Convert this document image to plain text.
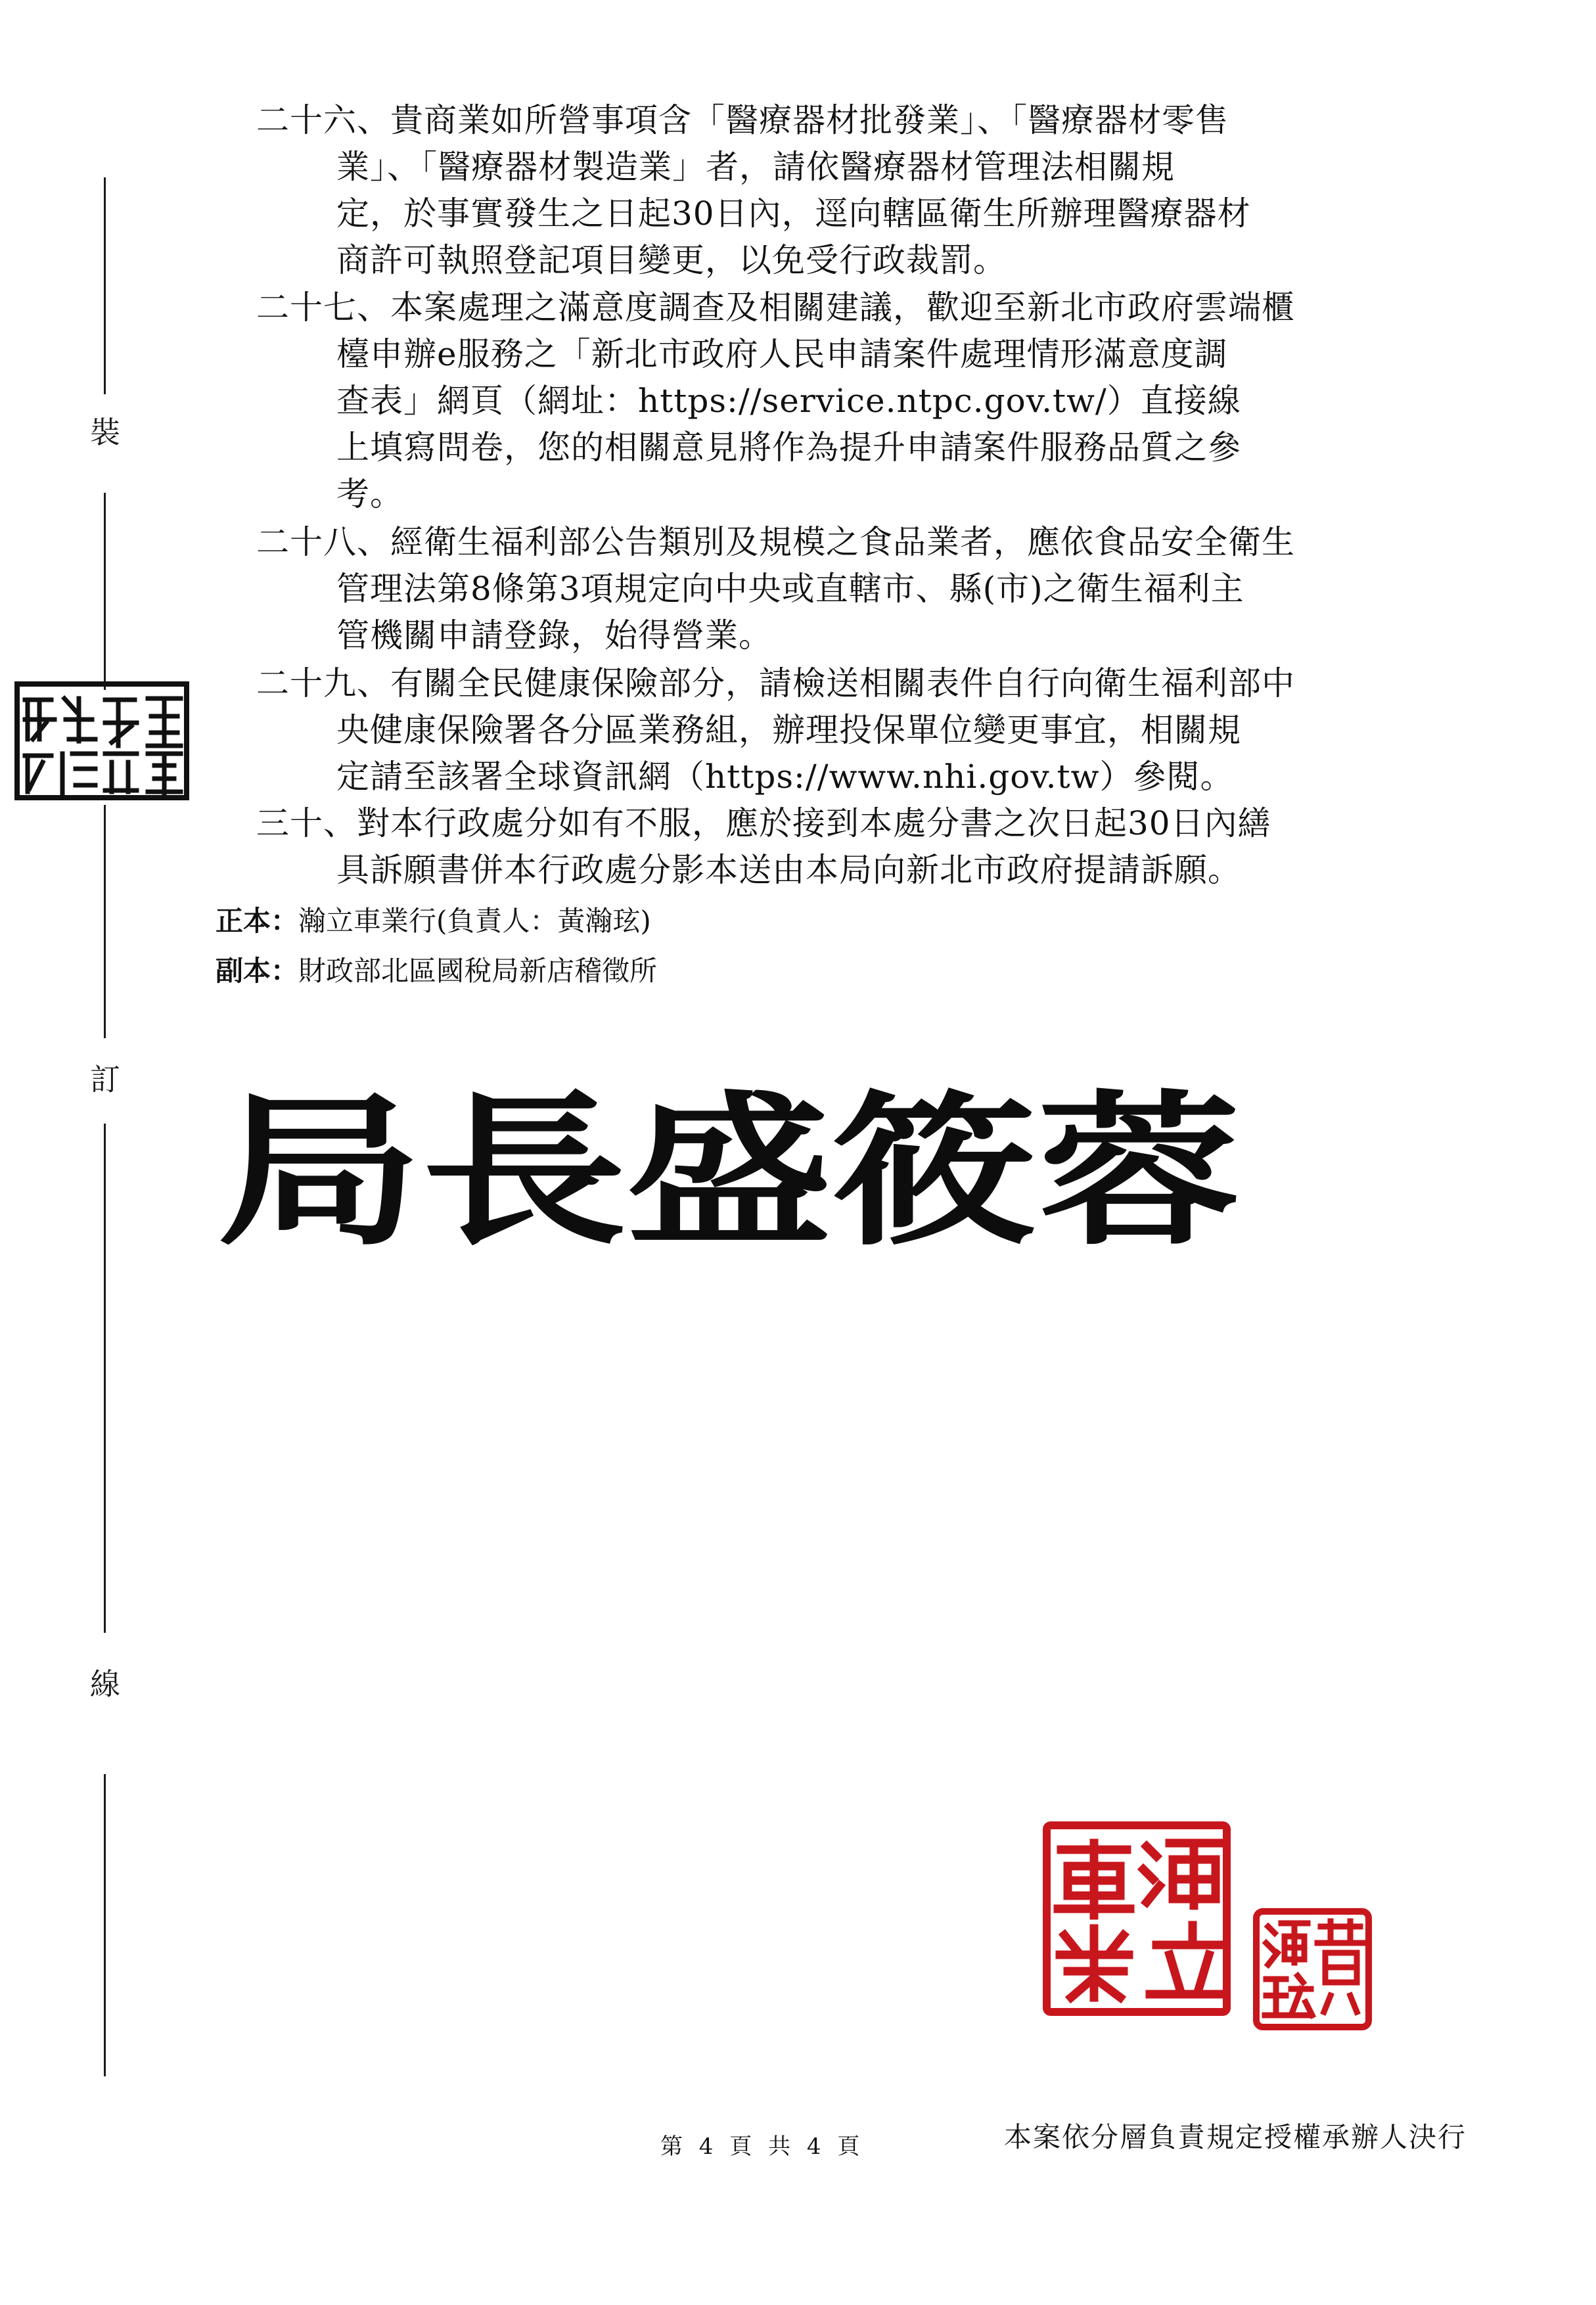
裝
訂
線
二十六、貴商業如所營事項含「醫療器材批發業」、「醫療器材零售
業」、「醫療器材製造業」者，請依醫療器材管理法相關規
定，於事實發生之日起30日內，逕向轄區衛生所辦理醫療器材
商許可執照登記項目變更，以免受行政裁罰。
二十七、本案處理之滿意度調查及相關建議，歡迎至新北市政府雲端櫃
檯申辦e服務之「新北市政府人民申請案件處理情形滿意度調
查表」網頁（網址：https://service.ntpc.gov.tw/）直接線
上填寫問卷，您的相關意見將作為提升申請案件服務品質之參
考。
二十八、經衛生福利部公告類別及規模之食品業者，應依食品安全衛生
管理法第8條第3項規定向中央或直轄市、縣(市)之衛生福利主
管機關申請登錄，始得營業。
二十九、有關全民健康保險部分，請檢送相關表件自行向衛生福利部中
央健康保險署各分區業務組，辦理投保單位變更事宜，相關規
定請至該署全球資訊網（https://www.nhi.gov.tw）參閱。
三十、對本行政處分如有不服，應於接到本處分書之次日起30日內繕
具訴願書併本行政處分影本送由本局向新北市政府提請訴願。
正本：瀚立車業行(負責人：黃瀚玹)
副本：財政部北區國稅局新店稽徵所
局長盛筱蓉
第 4 頁 共 4 頁	本案依分層負責規定授權承辦人決行
